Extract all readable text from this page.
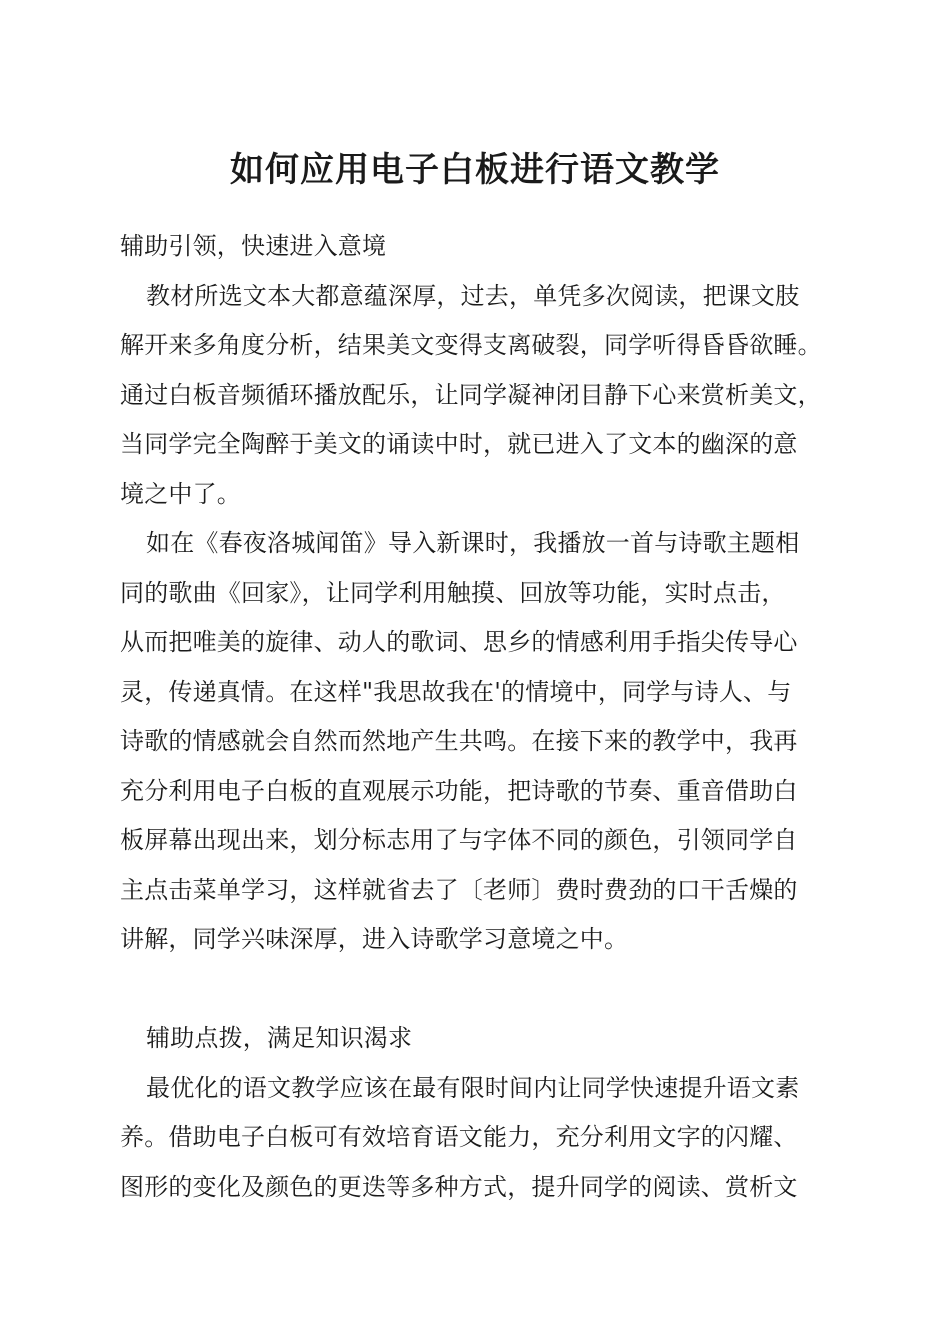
如何应用电子白板进行语文教学
辅助引领，快速进入意境
教材所选文本大都意蕴深厚，过去，单凭多次阅读，把课文肢
解开来多角度分析，结果美文变得支离破裂，同学听得昏昏欲睡。
通过白板音频循环播放配乐，让同学凝神闭目静下心来赏析美文，
当同学完全陶醉于美文的诵读中时，就已进入了文本的幽深的意
境之中了。
如在《春夜洛城闻笛》导入新课时，我播放一首与诗歌主题相
同的歌曲《回家》，让同学利用触摸、回放等功能，实时点击，
从而把唯美的旋律、动人的歌词、思乡的情感利用手指尖传导心
灵，传递真情。在这样"我思故我在'的情境中，同学与诗人、与
诗歌的情感就会自然而然地产生共鸣。在接下来的教学中，我再
充分利用电子白板的直观展示功能，把诗歌的节奏、重音借助白
板屏幕出现出来，划分标志用了与字体不同的颜色，引领同学自
主点击菜单学习，这样就省去了〔老师〕费时费劲的口干舌燥的
讲解，同学兴味深厚，进入诗歌学习意境之中。
辅助点拨，满足知识渴求
最优化的语文教学应该在最有限时间内让同学快速提升语文素
养。借助电子白板可有效培育语文能力，充分利用文字的闪耀、
图形的变化及颜色的更迭等多种方式，提升同学的阅读、赏析文
